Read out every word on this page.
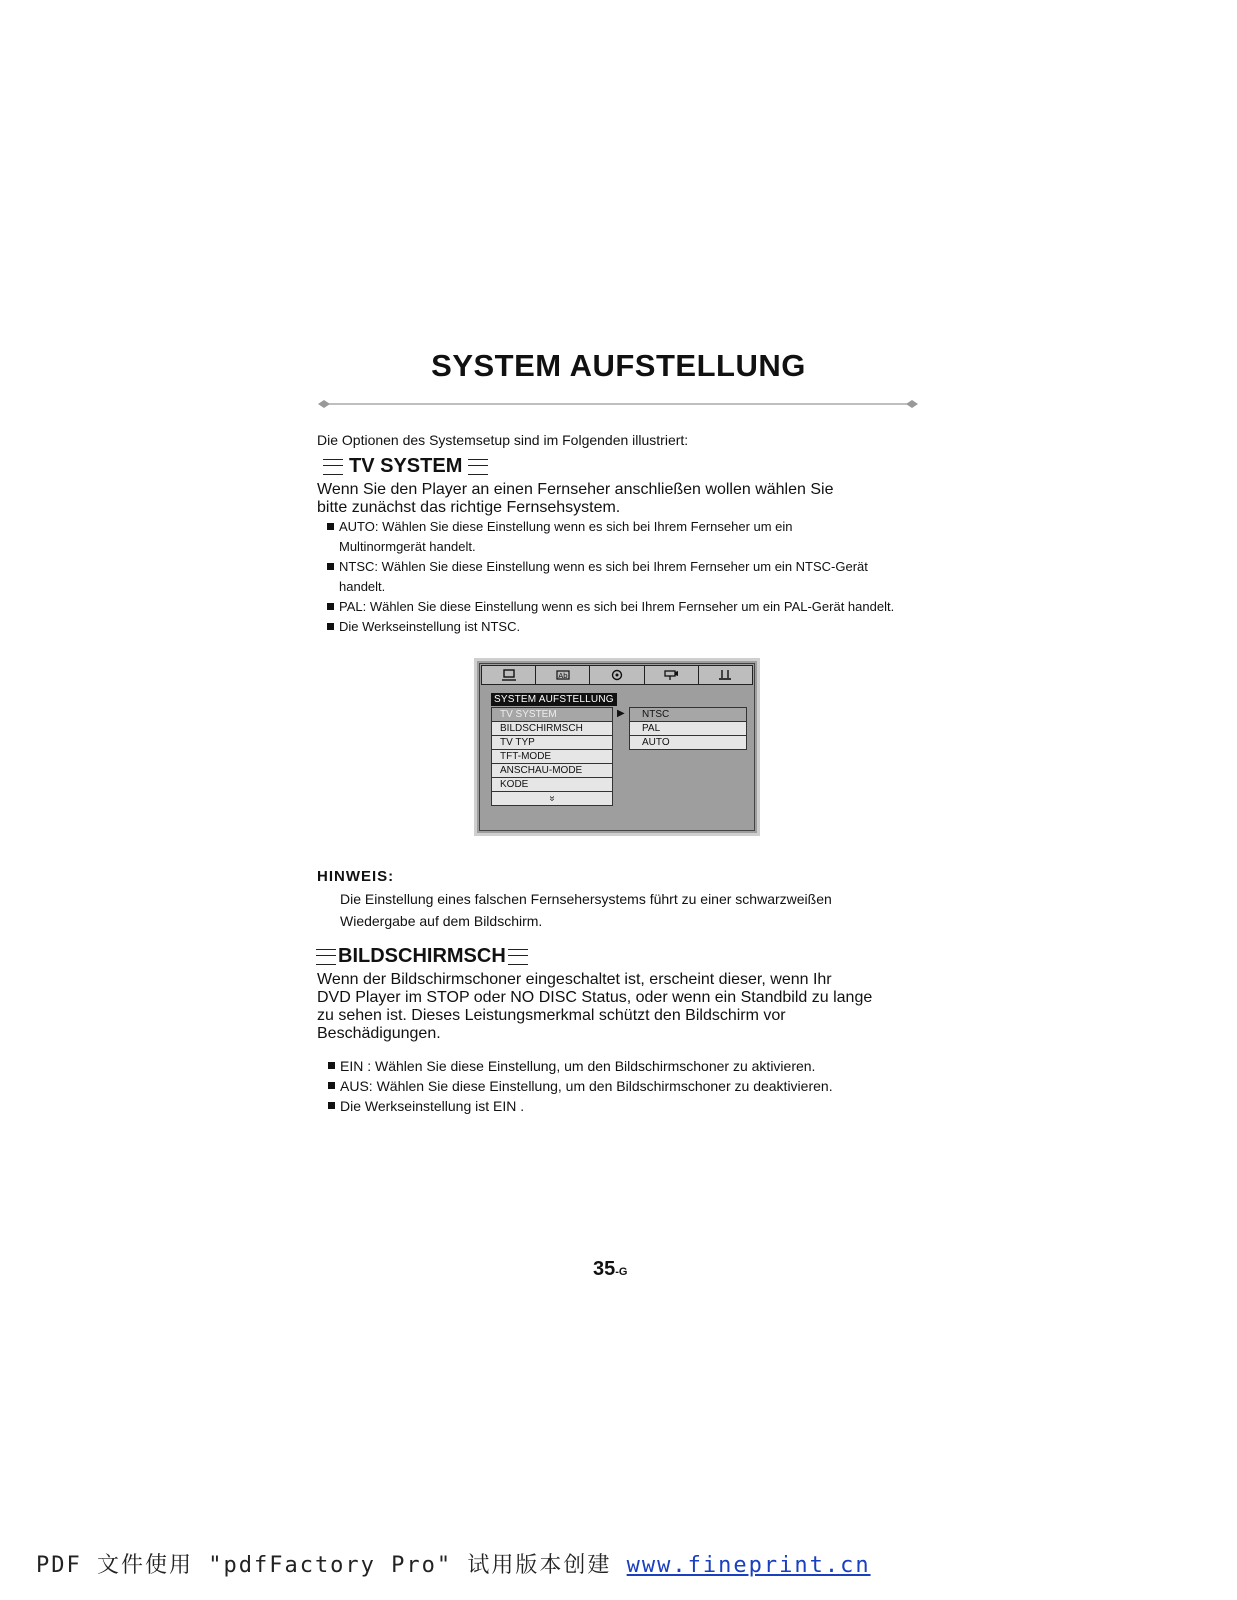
SYSTEM AUFSTELLUNG
Die Optionen des Systemsetup sind im Folgenden illustriert:
TV SYSTEM
Wenn Sie den Player an einen Fernseher anschließen wollen wählen Sie
bitte zunächst das richtige Fernsehsystem.
AUTO: Wählen Sie diese Einstellung wenn es sich bei Ihrem Fernseher um ein
Multinormgerät handelt.
NTSC: Wählen Sie diese Einstellung wenn es sich bei Ihrem Fernseher um ein NTSC-Gerät
handelt.
PAL: Wählen Sie diese Einstellung wenn es sich bei Ihrem Fernseher um ein PAL-Gerät handelt.
Die Werkseinstellung ist NTSC.
Ab
SYSTEM AUFSTELLUNG
TV SYSTEM
BILDSCHIRMSCH
TV TYP
TFT-MODE
ANSCHAU-MODE
KODE
»
▶	NTSC
PAL
AUTO
HINWEIS:
Die Einstellung eines falschen Fernsehersystems führt zu einer schwarzweißen
Wiedergabe auf dem Bildschirm.
BILDSCHIRMSCH
Wenn der Bildschirmschoner eingeschaltet ist, erscheint dieser, wenn Ihr
DVD Player im STOP oder NO DISC Status, oder wenn ein Standbild zu lange
zu sehen ist. Dieses Leistungsmerkmal schützt den Bildschirm vor
Beschädigungen.
EIN : Wählen Sie diese Einstellung, um den Bildschirmschoner zu aktivieren.
AUS: Wählen Sie diese Einstellung, um den Bildschirmschoner zu deaktivieren.
Die Werkseinstellung ist EIN .
35-G
PDF 文件使用 "pdfFactory Pro" 试用版本创建 www.fineprint.cn
